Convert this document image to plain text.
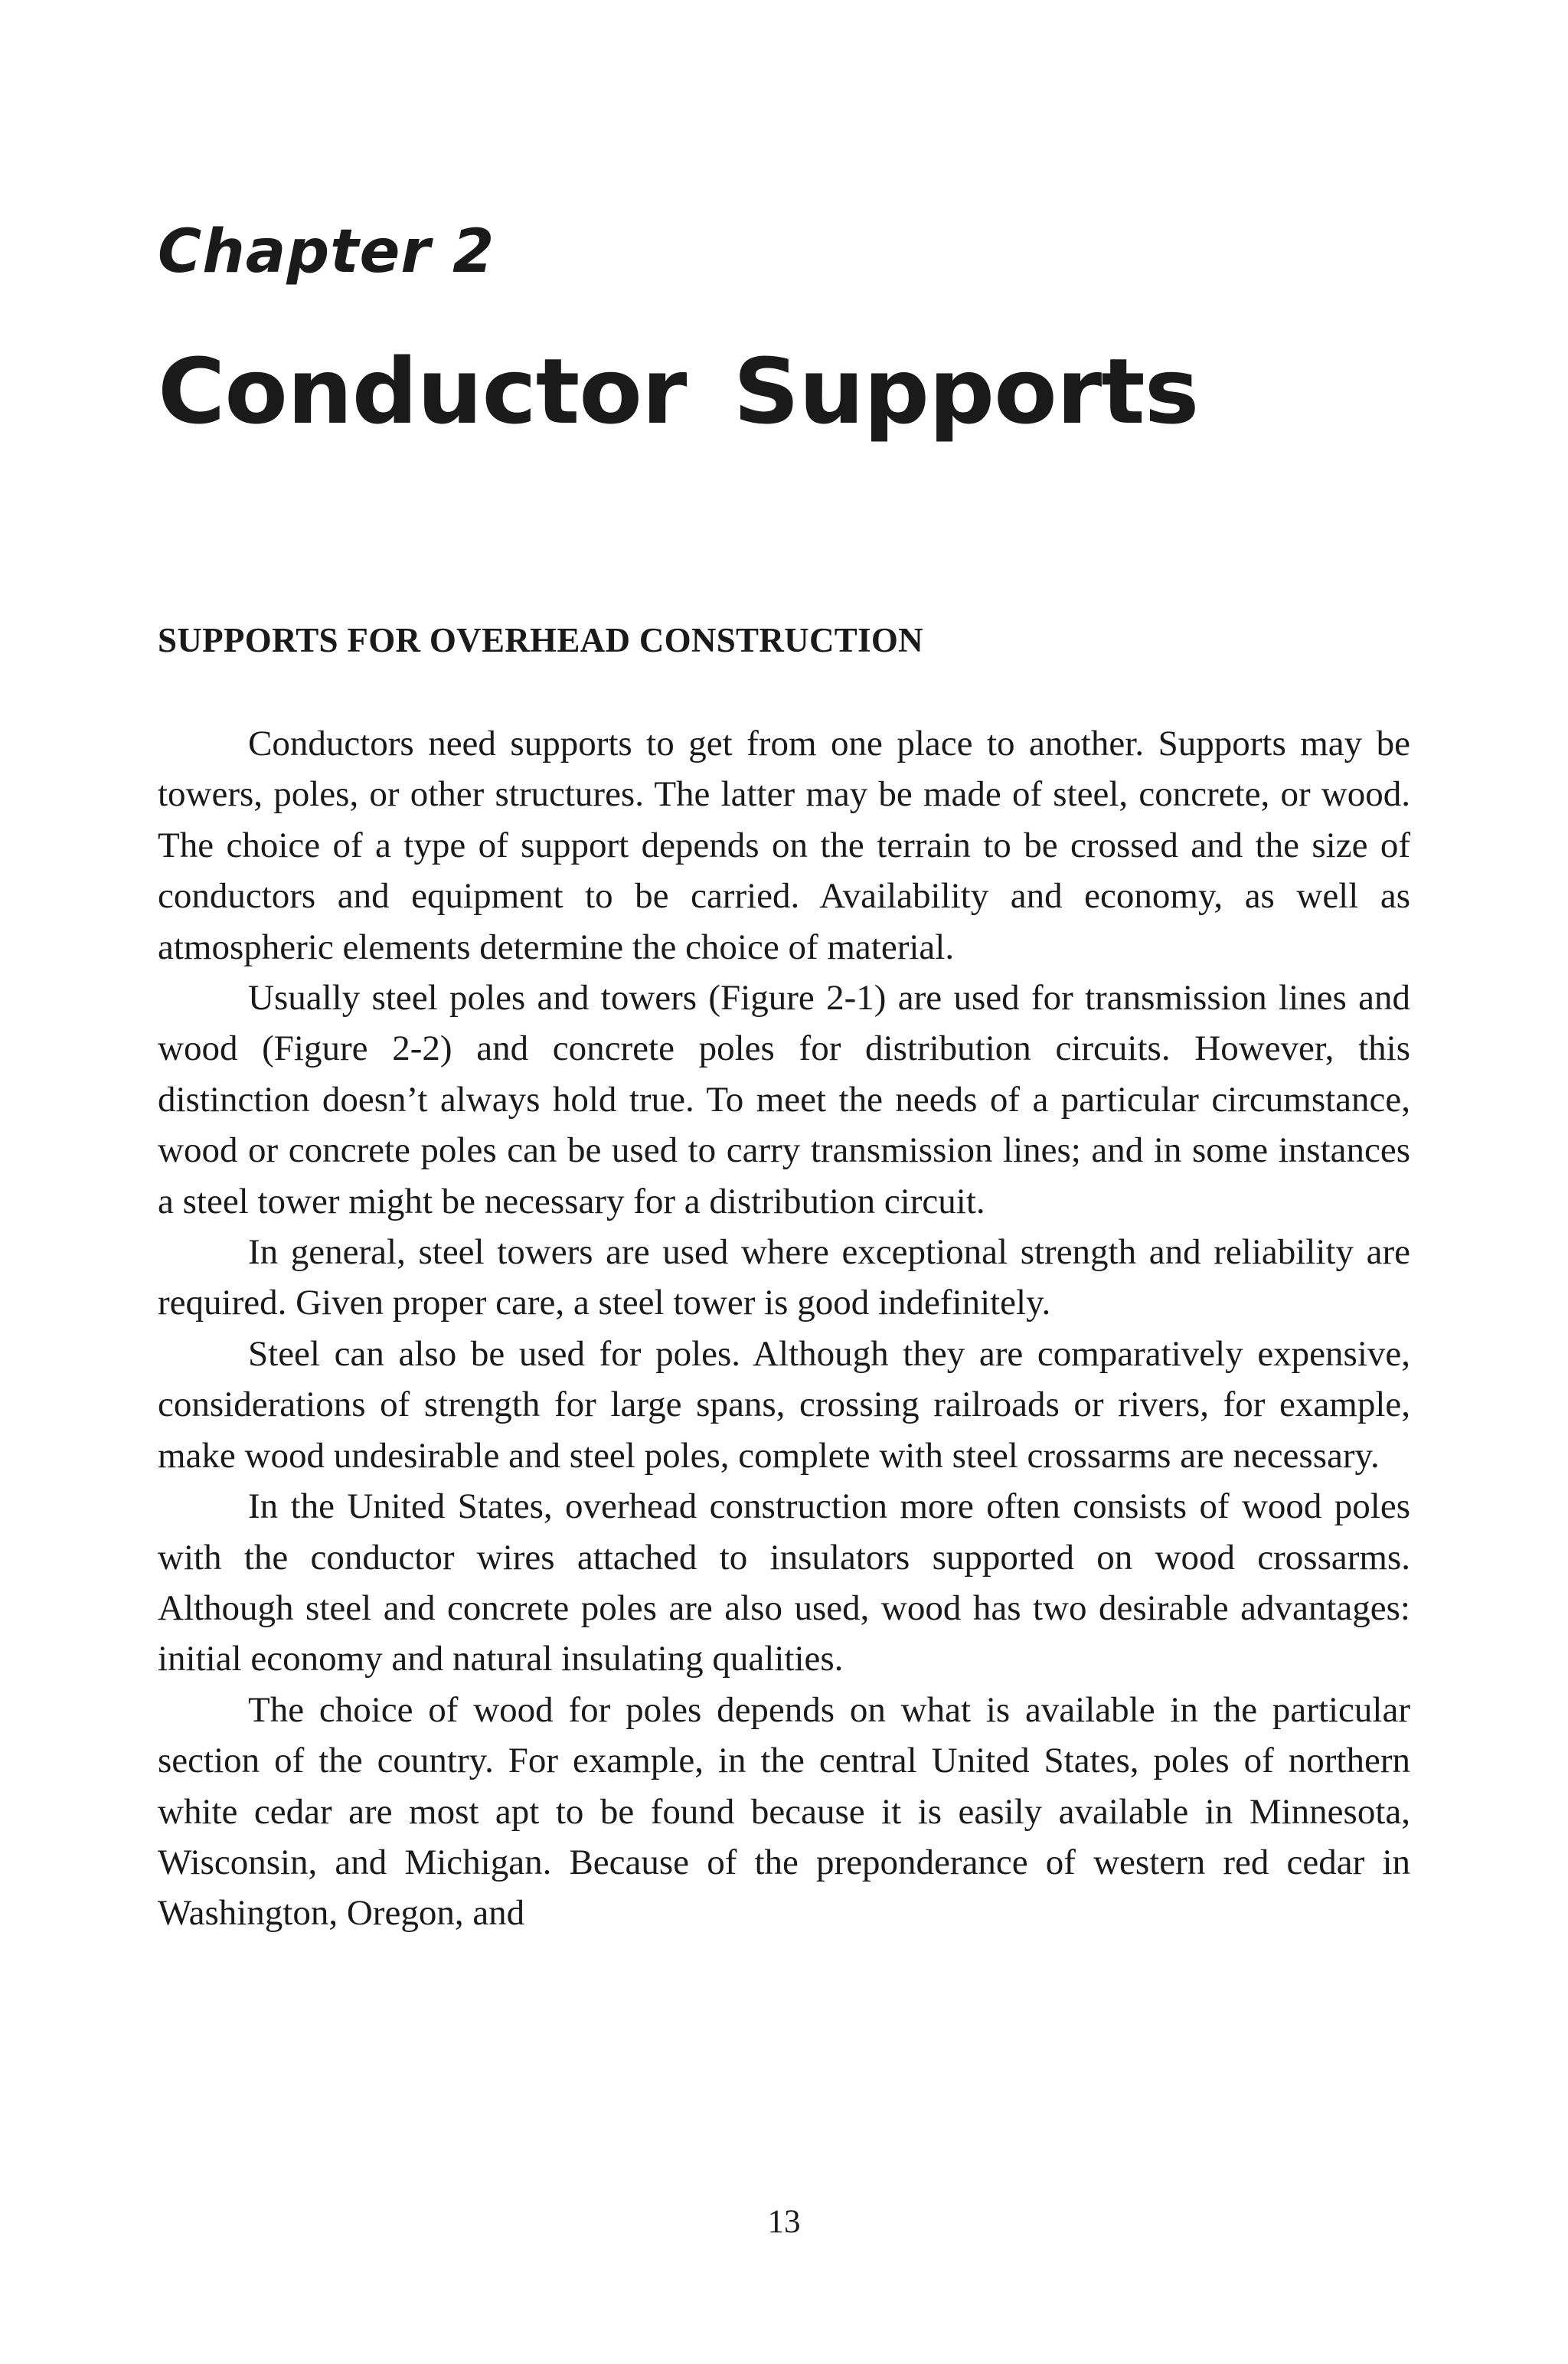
Chapter 2
Conductor Supports
SUPPORTS FOR OVERHEAD CONSTRUCTION

Conductors need supports to get from one place to another. Supports may be towers, poles, or other structures. The latter may be made of steel, concrete, or wood. The choice of a type of support depends on the terrain to be crossed and the size of conductors and equipment to be carried. Availability and economy, as well as atmospheric elements determine the choice of material.

Usually steel poles and towers (Figure 2-1) are used for transmission lines and wood (Figure 2-2) and concrete poles for distribution circuits. However, this distinction doesn’t always hold true. To meet the needs of a particular circumstance, wood or concrete poles can be used to carry transmission lines; and in some instances a steel tower might be necessary for a distribution circuit.

In general, steel towers are used where exceptional strength and reliability are required. Given proper care, a steel tower is good indefinitely.

Steel can also be used for poles. Although they are comparatively expensive, considerations of strength for large spans, crossing railroads or rivers, for example, make wood undesirable and steel poles, complete with steel crossarms are necessary.

In the United States, overhead construction more often consists of wood poles with the conductor wires attached to insulators supported on wood crossarms. Although steel and concrete poles are also used, wood has two desirable advantages: initial economy and natural insulating qualities.

The choice of wood for poles depends on what is available in the particular section of the country. For example, in the central United States, poles of northern white cedar are most apt to be found because it is easily available in Minnesota, Wisconsin, and Michigan. Because of the preponderance of western red cedar in Washington, Oregon, and

13
